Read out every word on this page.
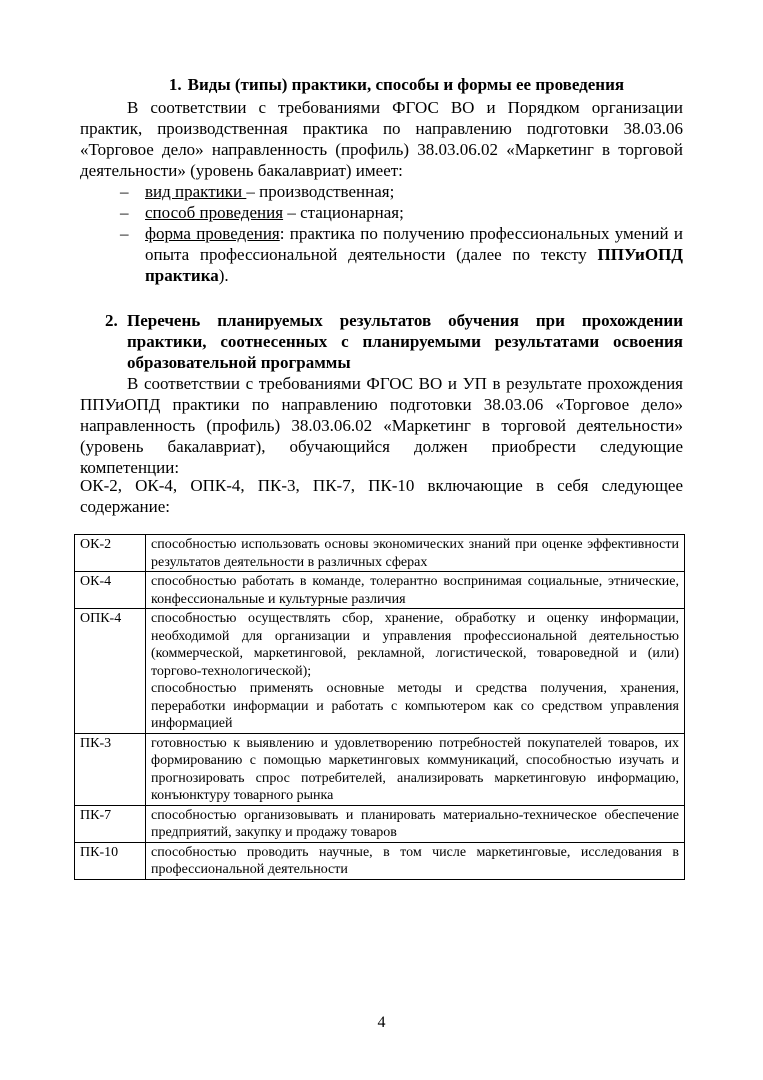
1. Виды (типы) практики, способы и формы ее проведения
В соответствии с требованиями ФГОС ВО и Порядком организации практик, производственная практика по направлению подготовки 38.03.06 «Торговое дело» направленность (профиль) 38.03.06.02 «Маркетинг в торговой деятельности» (уровень бакалавриат) имеет:
– вид практики – производственная;
– способ проведения – стационарная;
– форма проведения: практика по получению профессиональных умений и опыта профессиональной деятельности (далее по тексту ППУиОПД практика).
2. Перечень планируемых результатов обучения при прохождении практики, соотнесенных с планируемыми результатами освоения образовательной программы
В соответствии с требованиями ФГОС ВО и УП в результате прохождения ППУиОПД практики по направлению подготовки 38.03.06 «Торговое дело» направленность (профиль) 38.03.06.02 «Маркетинг в торговой деятельности» (уровень бакалавриат), обучающийся должен приобрести следующие компетенции:
ОК-2, ОК-4, ОПК-4, ПК-3, ПК-7, ПК-10 включающие в себя следующее содержание:
ОК-2	способностью использовать основы экономических знаний при оценке эффективности результатов деятельности в различных сферах
ОК-4	способностью работать в команде, толерантно воспринимая социальные, этнические, конфессиональные и культурные различия
ОПК-4	способностью осуществлять сбор, хранение, обработку и оценку информации, необходимой для организации и управления профессиональной деятельностью (коммерческой, маркетинговой, рекламной, логистической, товароведной и (или) торгово-технологической);
способностью применять основные методы и средства получения, хранения, переработки информации и работать с компьютером как со средством управления информацией

ПК-3	готовностью к выявлению и удовлетворению потребностей покупателей товаров, их формированию с помощью маркетинговых коммуникаций, способностью изучать и прогнозировать спрос потребителей, анализировать маркетинговую информацию, конъюнктуру товарного рынка
ПК-7	способностью организовывать и планировать материально-техническое обеспечение предприятий, закупку и продажу товаров
ПК-10	способностью проводить научные, в том числе маркетинговые, исследования в профессиональной деятельности
4
